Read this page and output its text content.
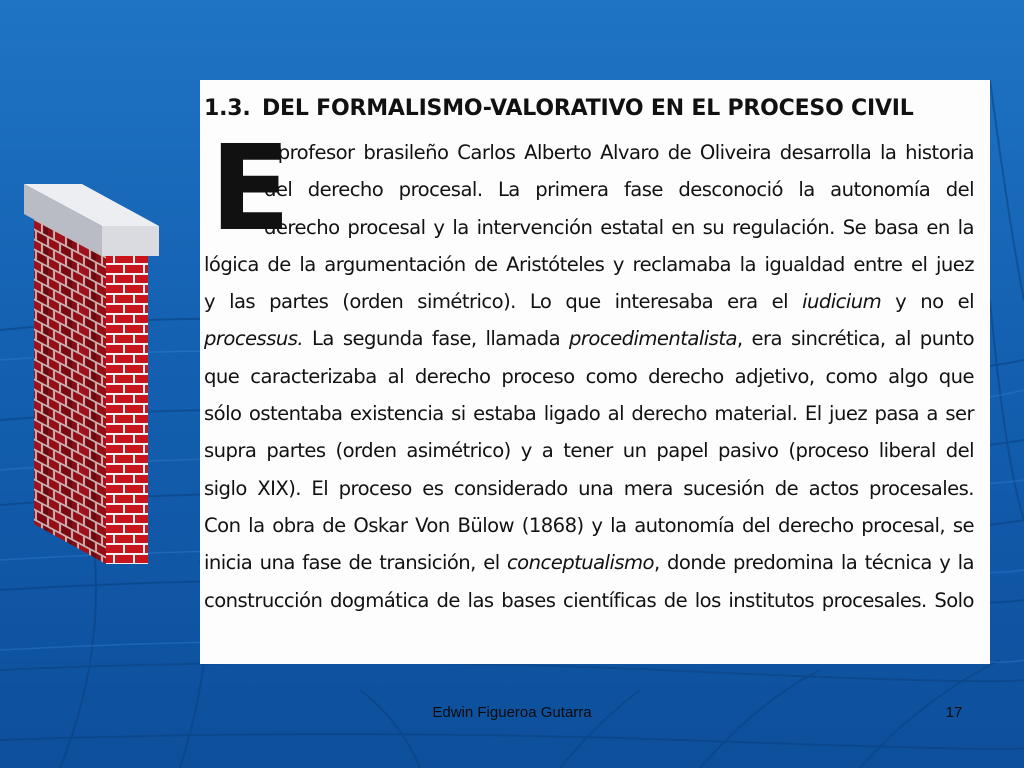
1.3. DEL FORMALISMO-VALORATIVO EN EL PROCESO CIVIL
E
l profesor brasileño Carlos Alberto Alvaro de Oliveira desarrolla la historia
del derecho procesal. La primera fase desconoció la autonomía del
derecho procesal y la intervención estatal en su regulación. Se basa en la
lógica de la argumentación de Aristóteles y reclamaba la igualdad entre el juez
y las partes (orden simétrico). Lo que interesaba era el iudicium y no el
processus. La segunda fase, llamada procedimentalista, era sincrética, al punto
que caracterizaba al derecho proceso como derecho adjetivo, como algo que
sólo ostentaba existencia si estaba ligado al derecho material. El juez pasa a ser
supra partes (orden asimétrico) y a tener un papel pasivo (proceso liberal del
siglo XIX). El proceso es considerado una mera sucesión de actos procesales.
Con la obra de Oskar Von Bülow (1868) y la autonomía del derecho procesal, se
inicia una fase de transición, el conceptualismo, donde predomina la técnica y la
construcción dogmática de las bases científicas de los institutos procesales. Solo
Edwin Figueroa Gutarra	17
